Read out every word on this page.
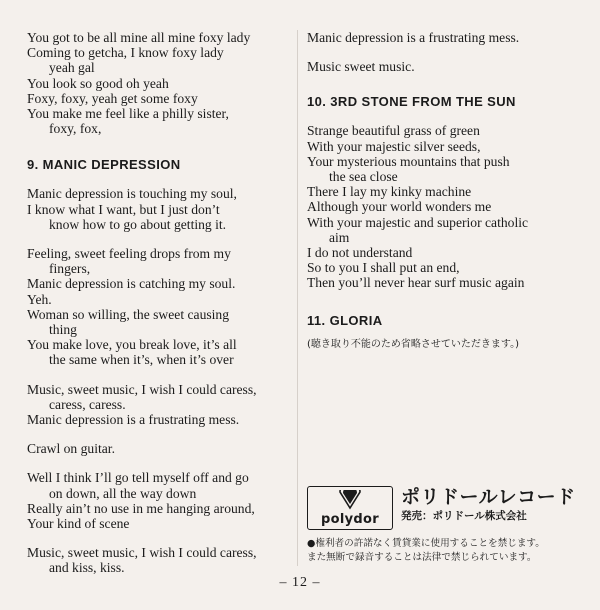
You got to be all mine all mine foxy lady
Coming to getcha, I know foxy lady
yeah gal
You look so good oh yeah
Foxy, foxy, yeah get some foxy
You make me feel like a philly sister,
foxy, fox,
9. MANIC DEPRESSION
Manic depression is touching my soul,
I know what I want, but I just don’t
know how to go about getting it.
Feeling, sweet feeling drops from my
fingers,
Manic depression is catching my soul.
Yeh.
Woman so willing, the sweet causing
thing
You make love, you break love, it’s all
the same when it’s, when it’s over
Music, sweet music, I wish I could caress,
caress, caress.
Manic depression is a frustrating mess.
Crawl on guitar.
Well I think I’ll go tell myself off and go
on down, all the way down
Really ain’t no use in me hanging around,
Your kind of scene
Music, sweet music, I wish I could caress,
and kiss, kiss.
Manic depression is a frustrating mess.
Music sweet music.
10. 3RD STONE FROM THE SUN
Strange beautiful grass of green
With your majestic silver seeds,
Your mysterious mountains that push
the sea close
There I lay my kinky machine
Although your world wonders me
With your majestic and superior catholic
aim
I do not understand
So to you I shall put an end,
Then you’ll never hear surf music again
11. GLORIA
(聴き取り不能のため省略させていただきます。)
polydor
ポリドールレコード
発売：ポリドール株式会社
●権利者の許諾なく賃貸業に使用することを禁じます。
また無断で録音することは法律で禁じられています。
– 12 –
